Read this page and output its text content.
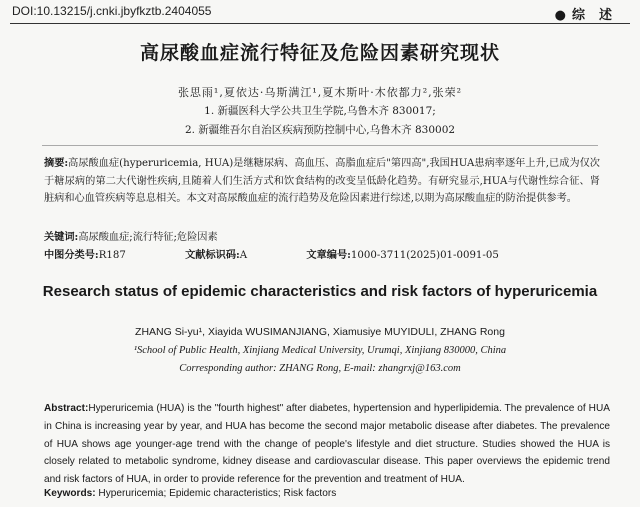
DOI:10.13215/j.cnki.jbyfkztb.2404055	● 综述
高尿酸血症流行特征及危险因素研究现状
张思雨¹,夏依达·乌斯满江¹,夏木斯叶·木依都力²,张荣²
1. 新疆医科大学公共卫生学院,乌鲁木齐 830017;
2. 新疆维吾尔自治区疾病预防控制中心,乌鲁木齐 830002
摘要:高尿酸血症(hyperuricemia, HUA)是继糖尿病、高血压、高脂血症后"第四高",我国HUA患病率逐年上升,已成为仅次于糖尿病的第二大代谢性疾病,且随着人们生活方式和饮食结构的改变呈低龄化趋势。有研究显示,HUA与代谢性综合征、肾脏病和心血管疾病等息息相关。本文对高尿酸血症的流行趋势及危险因素进行综述,以期为高尿酸血症的防治提供参考。
关键词:高尿酸血症;流行特征;危险因素
中图分类号:R187	文献标识码:A	文章编号:1000-3711(2025)01-0091-05
Research status of epidemic characteristics and risk factors of hyperuricemia
ZHANG Si-yu¹, Xiayida WUSIMANJIANG, Xiamusiye MUYIDULI, ZHANG Rong
¹School of Public Health, Xinjiang Medical University, Urumqi, Xinjiang 830000, China
Corresponding author: ZHANG Rong, E-mail: zhangrxj@163.com
Abstract:Hyperuricemia (HUA) is the "fourth highest" after diabetes, hypertension and hyperlipidemia. The prevalence of HUA in China is increasing year by year, and HUA has become the second major metabolic disease after diabetes. The prevalence of HUA shows age younger-age trend with the change of people's lifestyle and diet structure. Studies showed the HUA is closely related to metabolic syndrome, kidney disease and cardiovascular disease. This paper overviews the epidemic trend and risk factors of HUA, in order to provide reference for the prevention and treatment of HUA.
Keywords: Hyperuricemia; Epidemic characteristics; Risk factors
